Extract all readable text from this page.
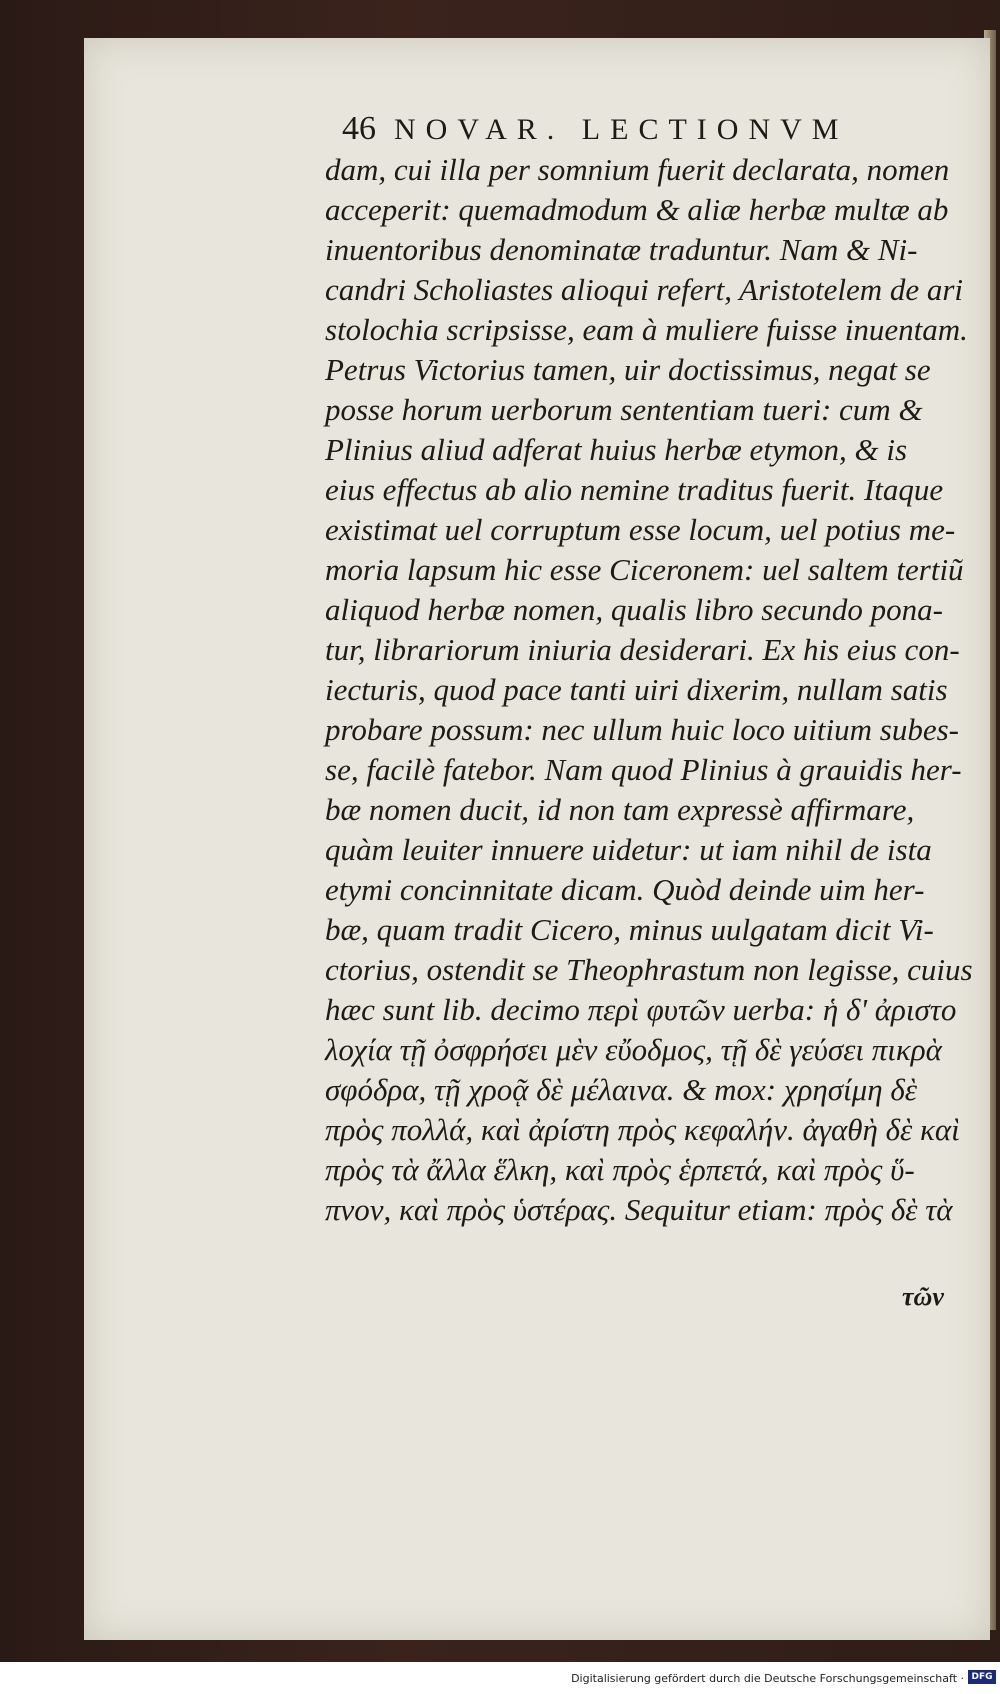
46 NOVAR. LECTIONVM
dam, cui illa per somnium fuerit declarata, nomen
acceperit: quemadmodum & aliæ herbæ multæ ab
inuentoribus denominatæ traduntur. Nam & Ni-
candri Scholiastes alioqui refert, Aristotelem de ari
stolochia scripsisse, eam à muliere fuisse inuentam.
Petrus Victorius tamen, uir doctissimus, negat se
posse horum uerborum sententiam tueri: cum &
Plinius aliud adferat huius herbæ etymon, & is
eius effectus ab alio nemine traditus fuerit. Itaque
existimat uel corruptum esse locum, uel potius me-
moria lapsum hic esse Ciceronem: uel saltem tertiũ
aliquod herbæ nomen, qualis libro secundo pona-
tur, librariorum iniuria desiderari. Ex his eius con-
iecturis, quod pace tanti uiri dixerim, nullam satis
probare possum: nec ullum huic loco uitium subes-
se, facilè fatebor. Nam quod Plinius à grauidis her-
bæ nomen ducit, id non tam expressè affirmare,
quàm leuiter innuere uidetur: ut iam nihil de ista
etymi concinnitate dicam. Quòd deinde uim her-
bæ, quam tradit Cicero, minus uulgatam dicit Vi-
ctorius, ostendit se Theophrastum non legisse, cuius
hæc sunt lib. decimo περὶ φυτῶν uerba: ἡ δ' ἀριστο
λοχία τῇ ὀσφρήσει μὲν εὔοδμος, τῇ δὲ γεύσει πικρὰ
σφόδρα, τῇ χροᾷ δὲ μέλαινα. & mox: χρησίμη δὲ
πρὸς πολλά, καὶ ἀρίστη πρὸς κεφαλήν. ἀγαθὴ δὲ καὶ
πρὸς τὰ ἄλλα ἕλκη, καὶ πρὸς ἑρπετά, καὶ πρὸς ὕ-
πνον, καὶ πρὸς ὑστέρας. Sequitur etiam: πρὸς δὲ τὰ
τῶν
Digitalisierung gefördert durch die Deutsche Forschungsgemeinschaft · DFG
